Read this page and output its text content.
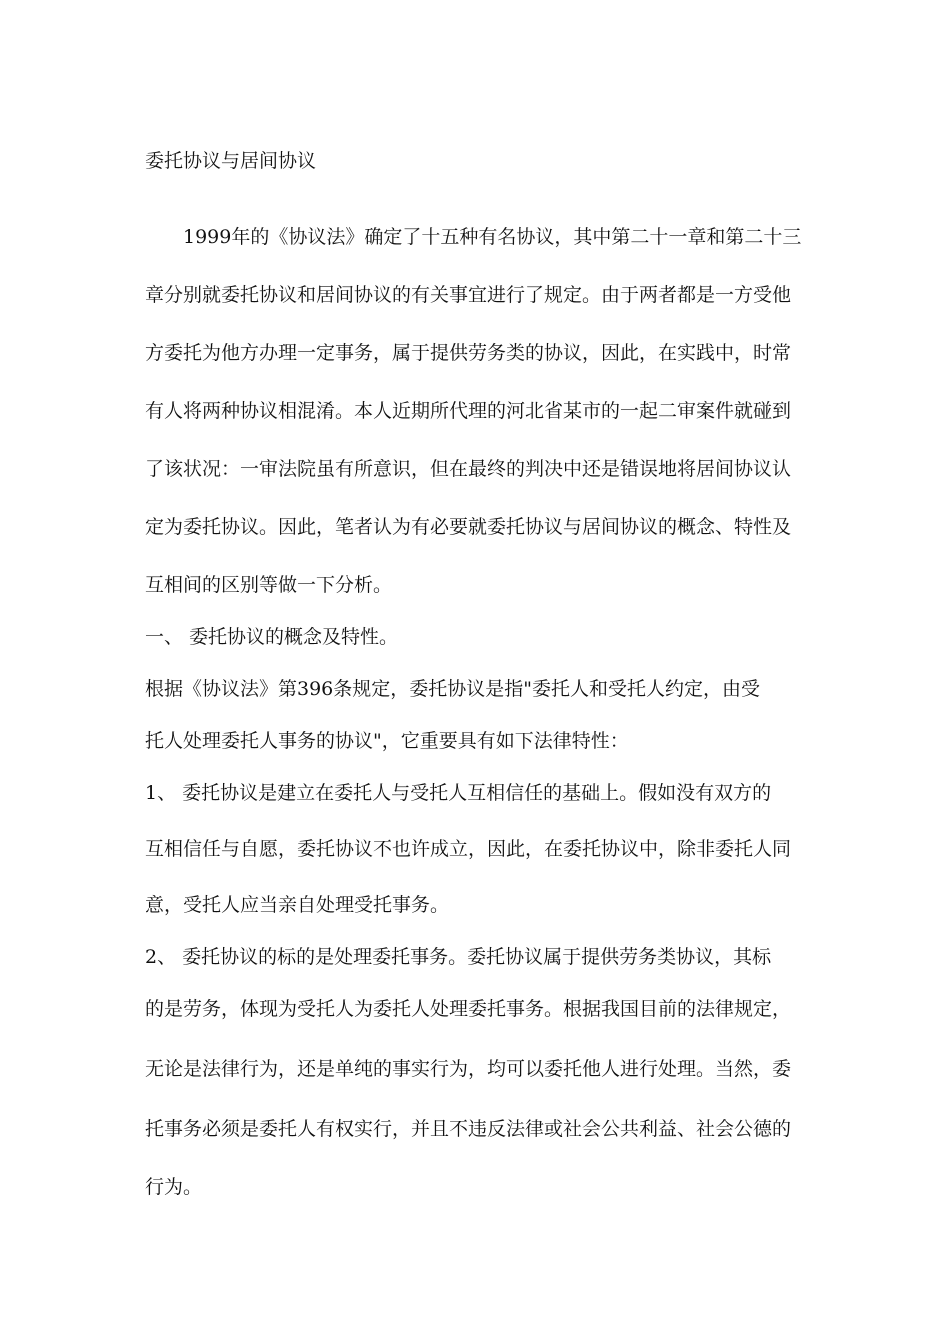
委托协议与居间协议
1999年的《协议法》确定了十五种有名协议，其中第二十一章和第二十三
章分别就委托协议和居间协议的有关事宜进行了规定。由于两者都是一方受他
方委托为他方办理一定事务，属于提供劳务类的协议，因此，在实践中，时常
有人将两种协议相混淆。本人近期所代理的河北省某市的一起二审案件就碰到
了该状况：一审法院虽有所意识，但在最终的判决中还是错误地将居间协议认
定为委托协议。因此，笔者认为有必要就委托协议与居间协议的概念、特性及
互相间的区别等做一下分析。
一、 委托协议的概念及特性。
根据《协议法》第396条规定，委托协议是指"委托人和受托人约定，由受
托人处理委托人事务的协议"，它重要具有如下法律特性：
1、 委托协议是建立在委托人与受托人互相信任的基础上。假如没有双方的
互相信任与自愿，委托协议不也许成立，因此，在委托协议中，除非委托人同
意，受托人应当亲自处理受托事务。
2、 委托协议的标的是处理委托事务。委托协议属于提供劳务类协议，其标
的是劳务，体现为受托人为委托人处理委托事务。根据我国目前的法律规定，
无论是法律行为，还是单纯的事实行为，均可以委托他人进行处理。当然，委
托事务必须是委托人有权实行，并且不违反法律或社会公共利益、社会公德的
行为。
